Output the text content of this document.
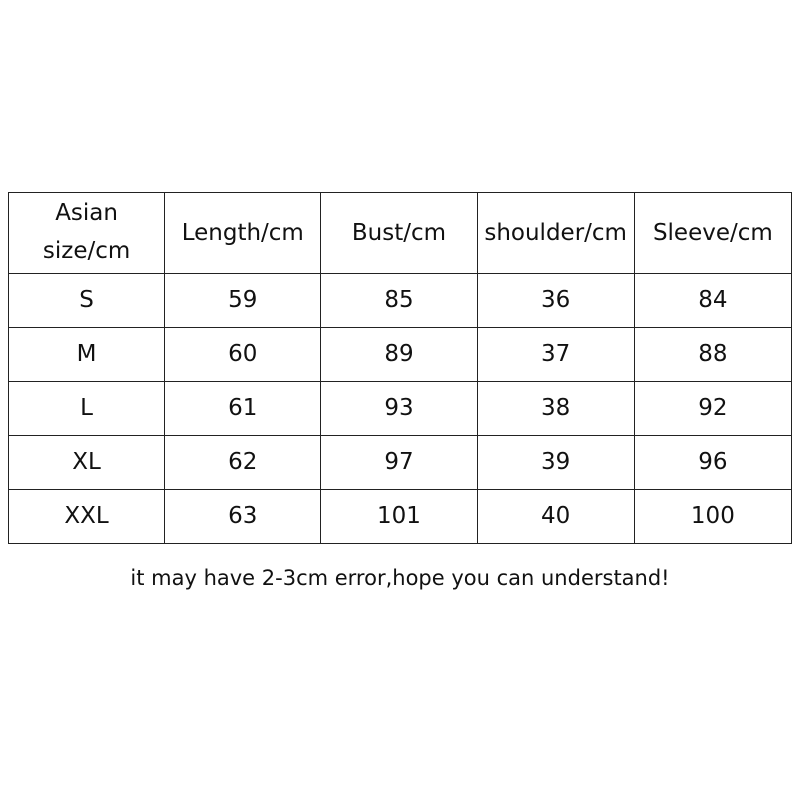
Asian
size/cm	Length/cm	Bust/cm	shoulder/cm	Sleeve/cm
S	59	85	36	84
M	60	89	37	88
L	61	93	38	92
XL	62	97	39	96
XXL	63	101	40	100
it may have 2-3cm error,hope you can understand!
